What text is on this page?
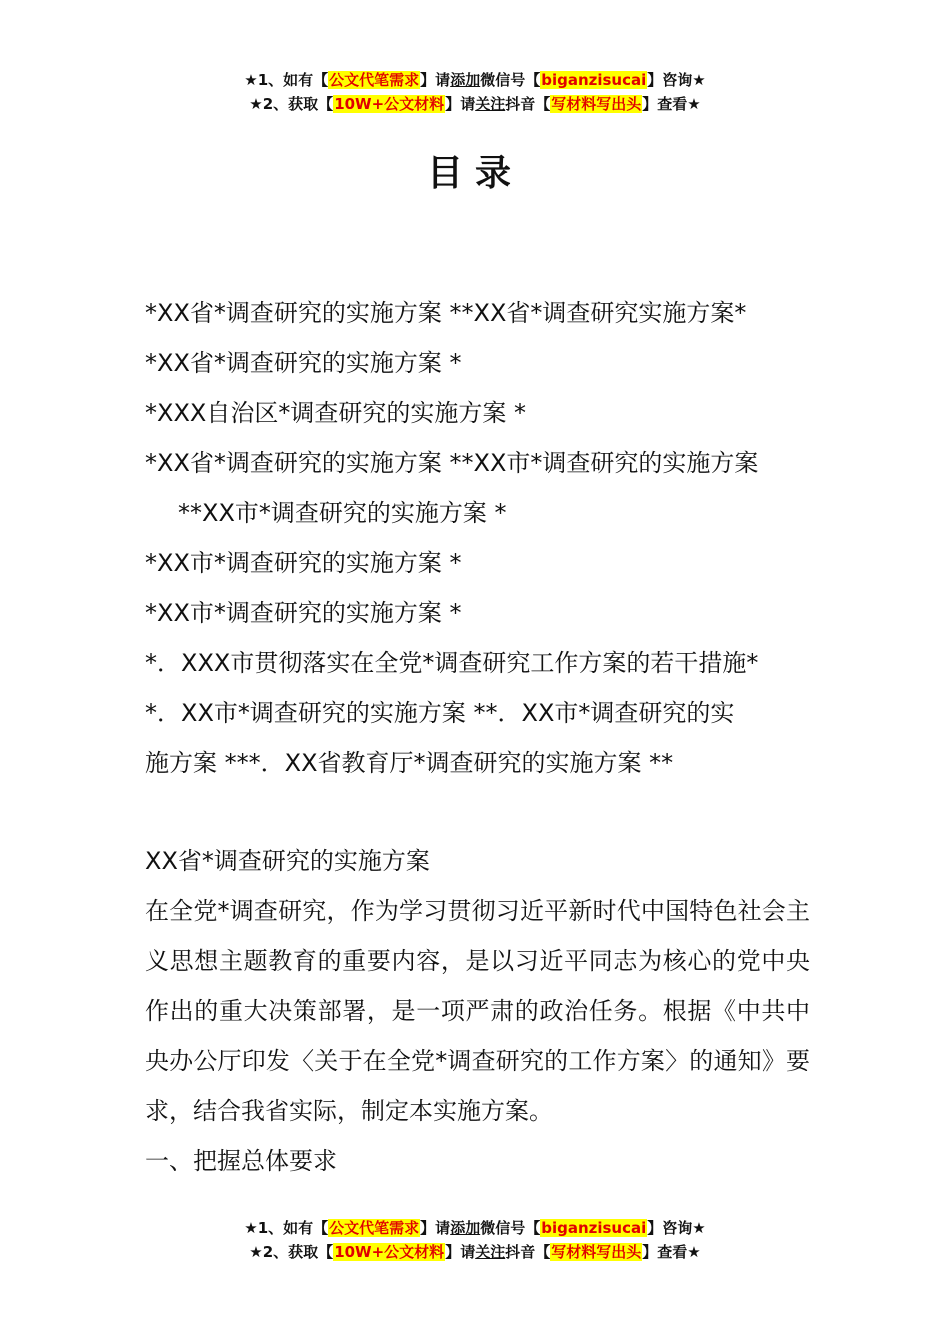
★1、如有【公文代笔需求】请添加微信号【biganzisucai】咨询★
★2、获取【10W+公文材料】请关注抖音【写材料写出头】查看★
目录
*XX省*调查研究的实施方案 **XX省*调查研究实施方案*
*XX省*调查研究的实施方案 *
*XXX自治区*调查研究的实施方案 *
*XX省*调查研究的实施方案 **XX市*调查研究的实施方案
**XX市*调查研究的实施方案 *
*XX市*调查研究的实施方案 *
*XX市*调查研究的实施方案 *
*．XXX市贯彻落实在全党*调查研究工作方案的若干措施*
*．XX市*调查研究的实施方案 **．XX市*调查研究的实
施方案 ***．XX省教育厅*调查研究的实施方案 **

XX省*调查研究的实施方案

在全党*调查研究，作为学习贯彻习近平新时代中国特色社会主义思想主题教育的重要内容，是以习近平同志为核心的党中央作出的重大决策部署，是一项严肃的政治任务。根据《中共中央办公厅印发〈关于在全党*调查研究的工作方案〉的通知》要求，结合我省实际，制定本实施方案。

一、把握总体要求

★1、如有【公文代笔需求】请添加微信号【biganzisucai】咨询★
★2、获取【10W+公文材料】请关注抖音【写材料写出头】查看★
